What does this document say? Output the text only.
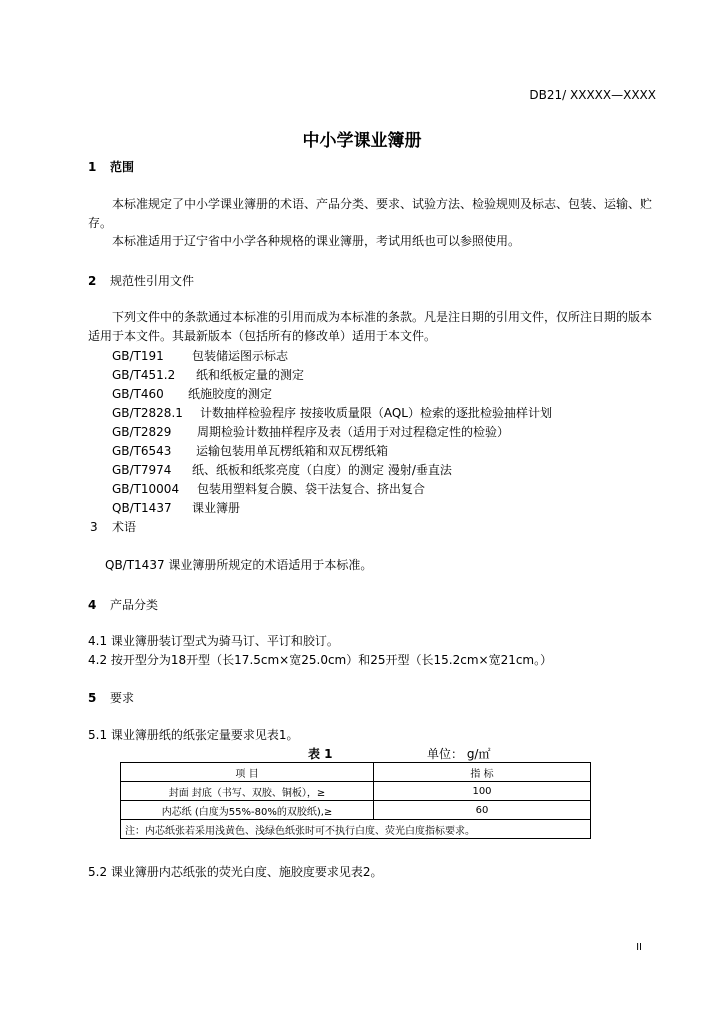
DB21/ XXXXX—XXXX
中小学课业簿册
1 范围
本标准规定了中小学课业簿册的术语、产品分类、要求、试验方法、检验规则及标志、包装、运输、贮存。
本标准适用于辽宁省中小学各种规格的课业簿册，考试用纸也可以参照使用。
2 规范性引用文件
下列文件中的条款通过本标准的引用而成为本标准的条款。凡是注日期的引用文件，仅所注日期的版本适用于本文件。其最新版本（包括所有的修改单）适用于本文件。
GB/T191 包装储运图示标志
GB/T451.2 纸和纸板定量的测定
GB/T460 纸施胶度的测定
GB/T2828.1 计数抽样检验程序 按接收质量限（AQL）检索的逐批检验抽样计划
GB/T2829 周期检验计数抽样程序及表（适用于对过程稳定性的检验）
GB/T6543 运输包装用单瓦楞纸箱和双瓦楞纸箱
GB/T7974 纸、纸板和纸浆亮度（白度）的测定 漫射/垂直法
GB/T10004 包装用塑料复合膜、袋干法复合、挤出复合
QB/T1437 课业簿册
3 术语
QB/T1437 课业簿册所规定的术语适用于本标准。
4 产品分类
4.1 课业簿册装订型式为骑马订、平订和胶订。
4.2 按开型分为18开型（长17.5cm×宽25.0cm）和25开型（长15.2cm×宽21cm。）
5 要求
5.1 课业簿册纸的纸张定量要求见表1。
表 1	单位： g/㎡
项 目	指 标
封面 封底（书写、双胶、铜板），≥	100
内芯纸 (白度为55%-80%的双胶纸),≥	60
注：内芯纸张若采用浅黄色、浅绿色纸张时可不执行白度、荧光白度指标要求。	
5.2 课业簿册内芯纸张的荧光白度、施胶度要求见表2。
II
